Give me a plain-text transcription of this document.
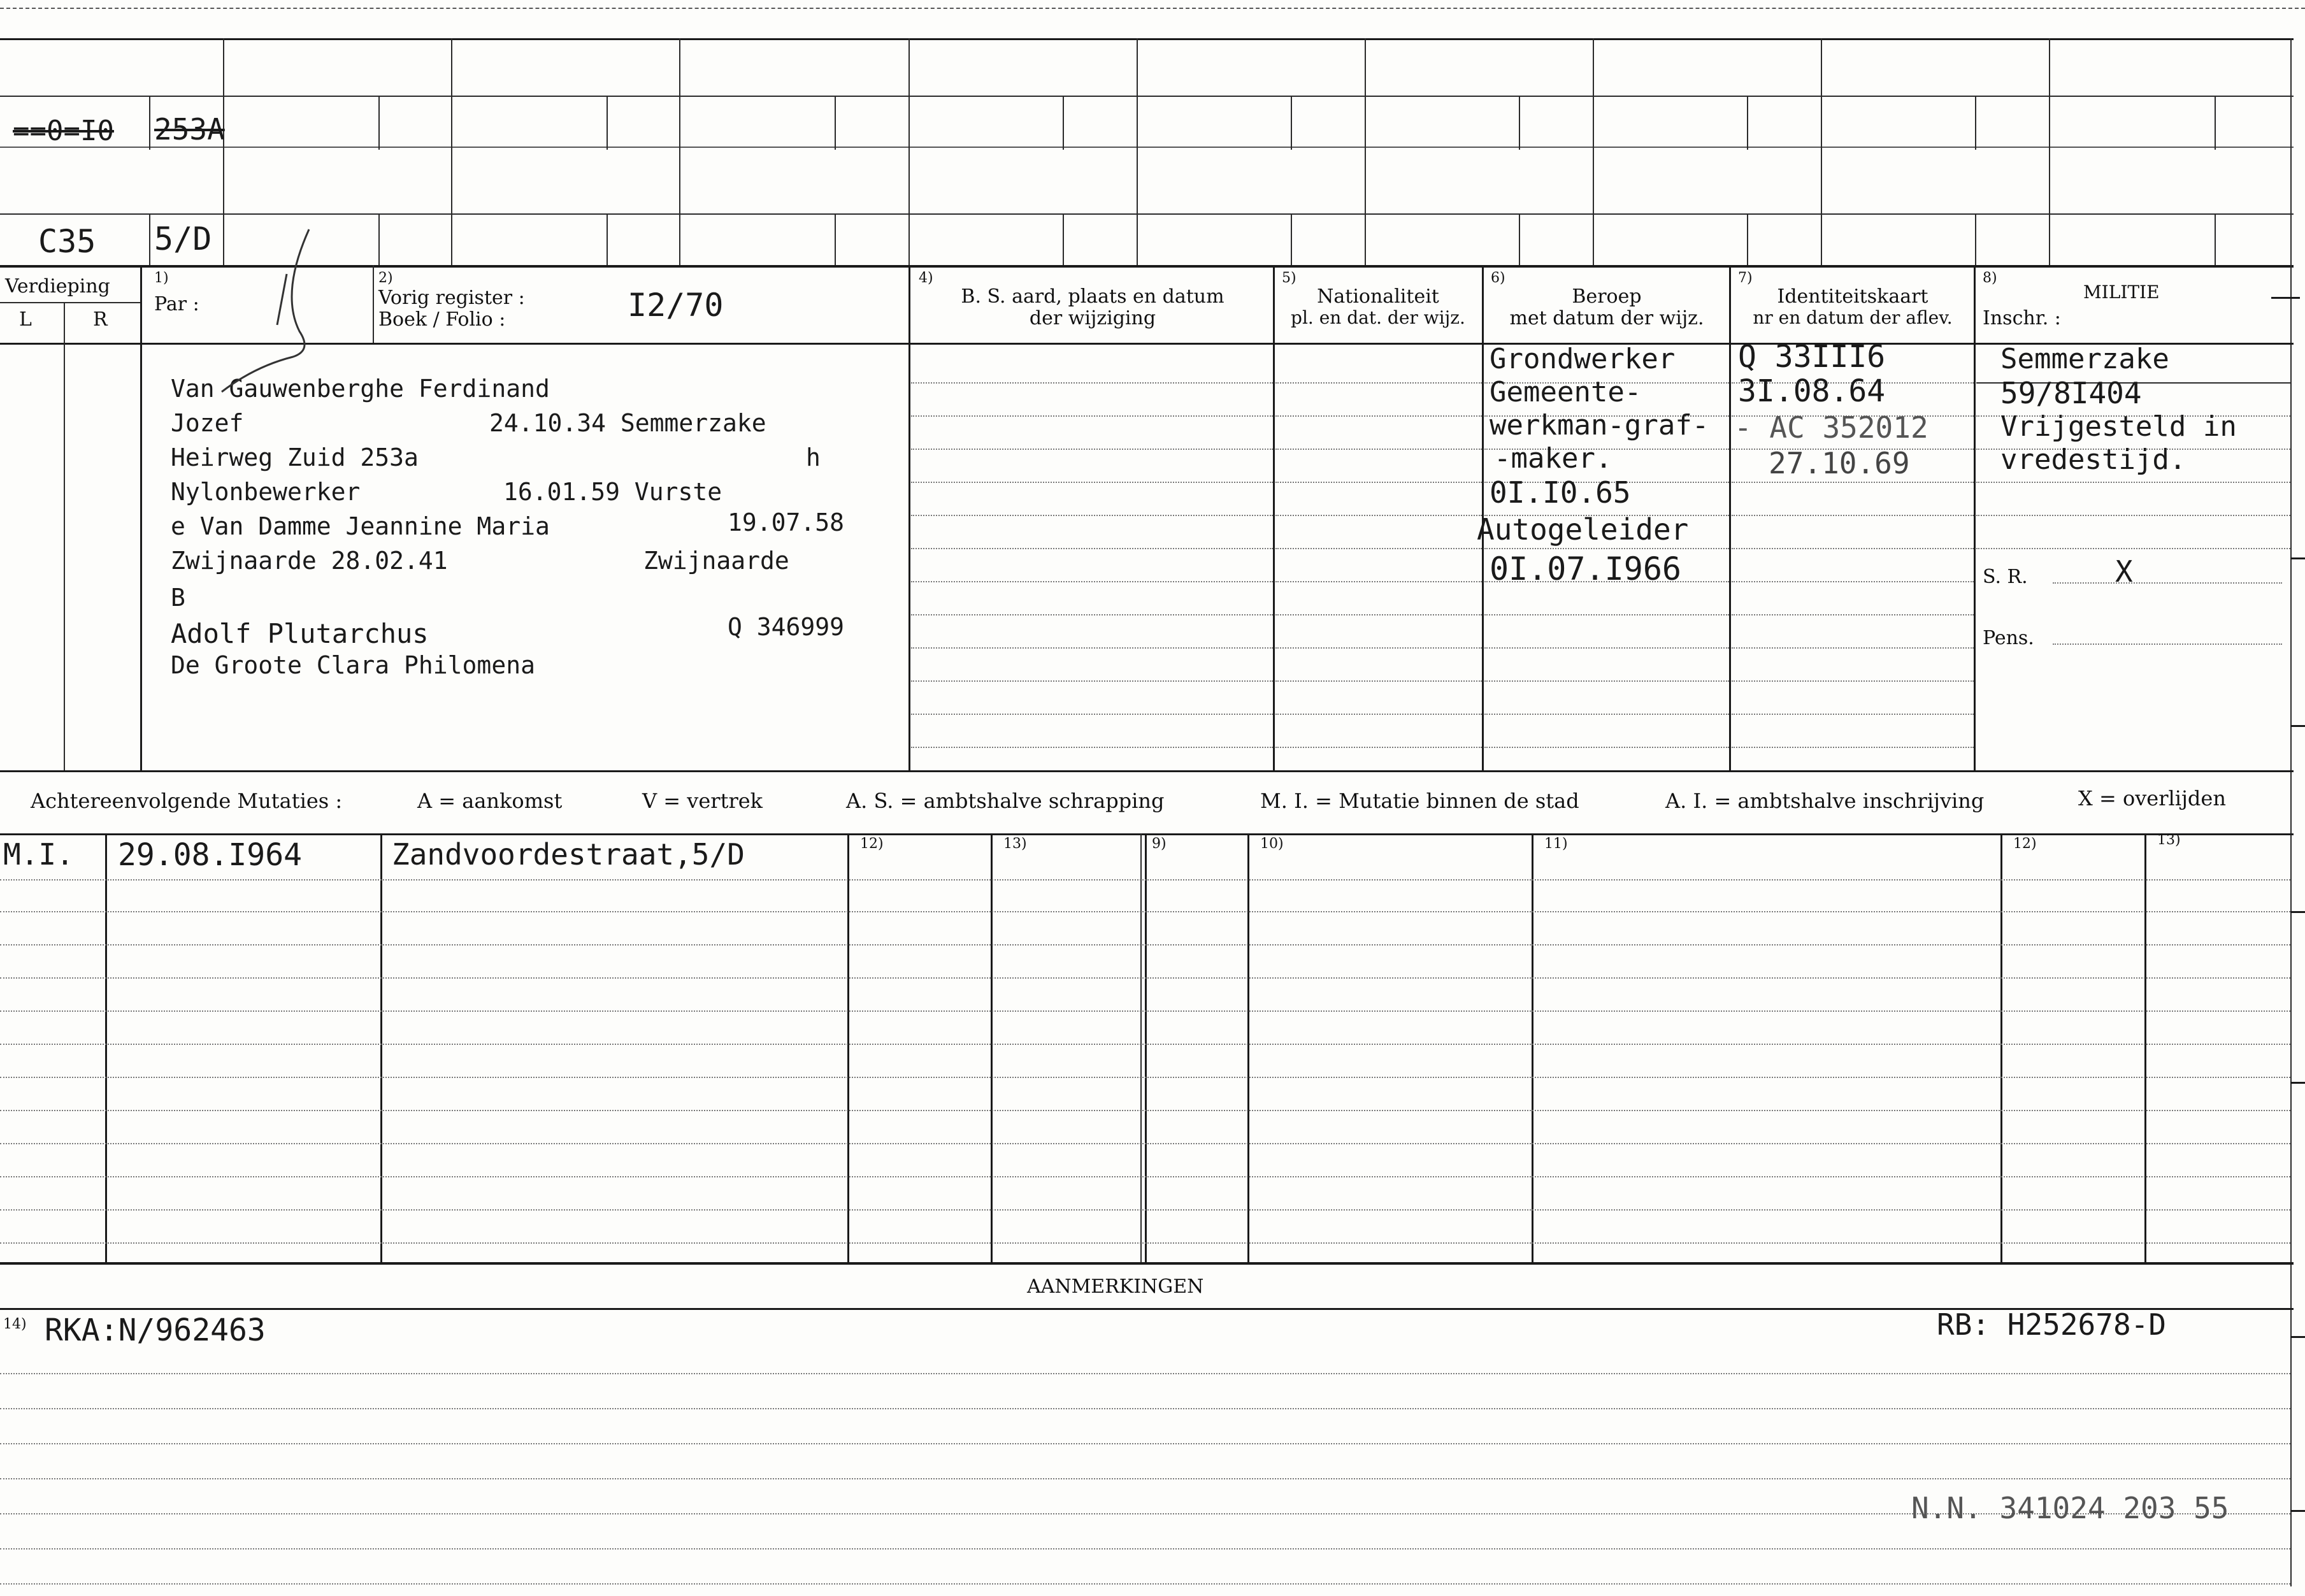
==0=I0 253A
C35 5/D
Verdieping
L	R
1)
Par :
2)
Vorig register :
Boek / Folio :	I2/70
4)
B. S. aard, plaats en datum
der wijziging
5)
Nationaliteit
pl. en dat. der wijz.
6)
Beroep
met datum der wijz.
7)
Identiteitskaart
nr en datum der aflev.
8)
MILITIE
Inschr. :
Van Gauwenberghe Ferdinand
Jozef	24.10.34 Semmerzake
Heirweg Zuid 253a	h
Nylonbewerker	16.01.59 Vurste
e Van Damme Jeannine Maria	19.07.58
Zwijnaarde 28.02.41	Zwijnaarde
B
Adolf Plutarchus	Q 346999
De Groote Clara Philomena
Grondwerker
Gemeente-
werkman-graf-
-maker.
0I.I0.65
Autogeleider
0I.07.I966
Q 33III6
3I.08.64
- AC 352012
27.10.69
Semmerzake
59/8I404
Vrijgesteld in
vredestijd.
S. R.	X
Pens.
Achtereenvolgende Mutaties :	A = aankomst	V = vertrek	A. S. = ambtshalve schrapping	M. I. = Mutatie binnen de stad	A. I. = ambtshalve inschrijving	X = overlijden
12)	13)	9)	10)	11)	12)	13)
M.I. 29.08.I964	Zandvoordestraat,5/D
AANMERKINGEN
14) RKA:N/962463	RB: H252678-D
N.N. 341024 203 55
